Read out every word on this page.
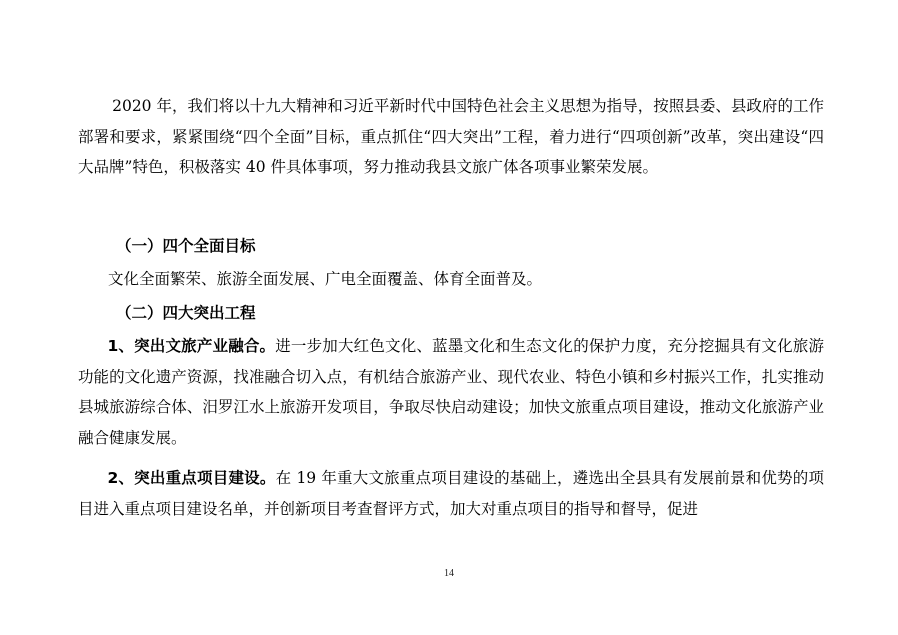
2020 年，我们将以十九大精神和习近平新时代中国特色社会主义思想为指导，按照县委、县政府的工作部署和要求，紧紧围绕“四个全面”目标，重点抓住“四大突出”工程，着力进行“四项创新”改革，突出建设“四大品牌”特色，积极落实 40 件具体事项，努力推动我县文旅广体各项事业繁荣发展。

（一）四个全面目标

文化全面繁荣、旅游全面发展、广电全面覆盖、体育全面普及。

（二）四大突出工程

1、突出文旅产业融合。进一步加大红色文化、蓝墨文化和生态文化的保护力度，充分挖掘具有文化旅游功能的文化遗产资源，找准融合切入点，有机结合旅游产业、现代农业、特色小镇和乡村振兴工作，扎实推动县城旅游综合体、汨罗江水上旅游开发项目，争取尽快启动建设；加快文旅重点项目建设，推动文化旅游产业融合健康发展。

2、突出重点项目建设。在 19 年重大文旅重点项目建设的基础上，遴选出全县具有发展前景和优势的项目进入重点项目建设名单，并创新项目考查督评方式，加大对重点项目的指导和督导，促进

14
